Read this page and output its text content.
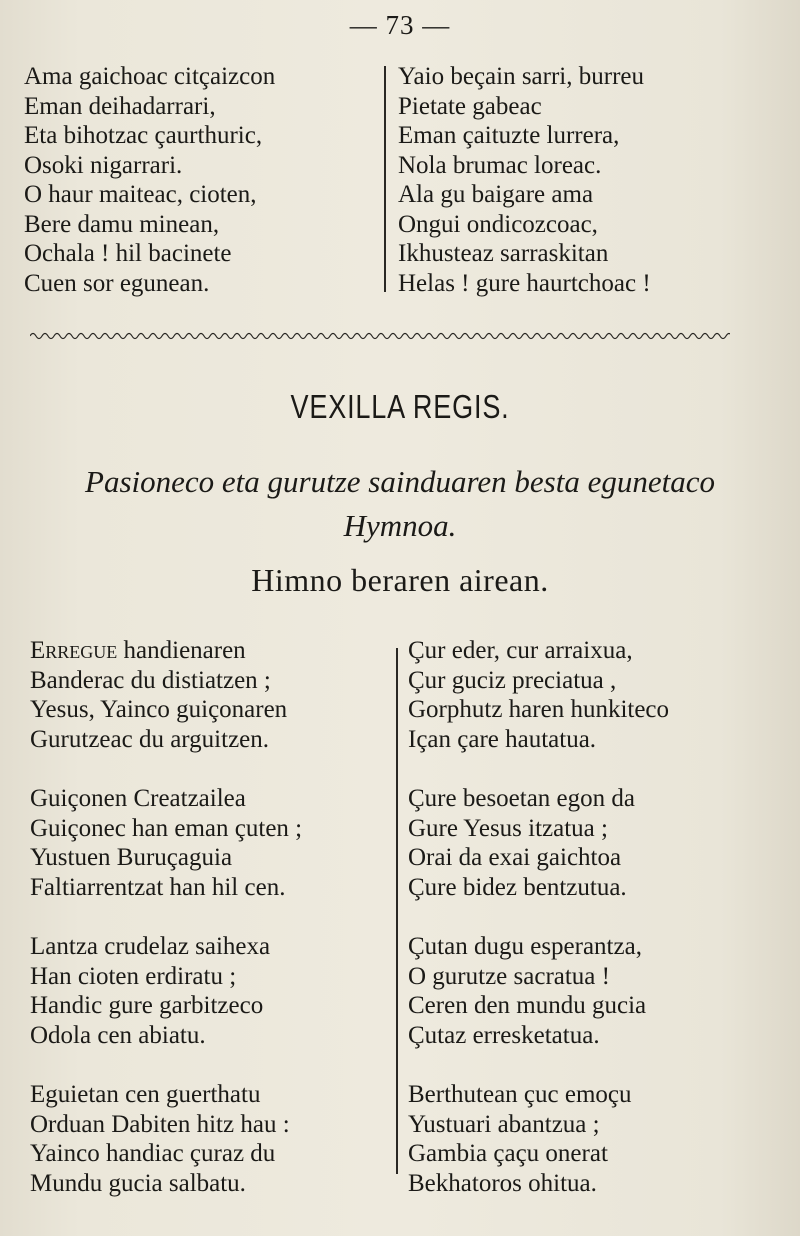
— 73 —
Ama gaichoac citçaizcon
Eman deihadarrari,
Eta bihotzac çaurthuric,
Osoki nigarrari.
O haur maiteac, cioten,
Bere damu minean,
Ochala ! hil bacinete
Cuen sor egunean.
Yaio beçain sarri, burreu
Pietate gabeac
Eman çaituzte lurrera,
Nola brumac loreac.
Ala gu baigare ama
Ongui ondicozcoac,
Ikhusteaz sarraskitan
Helas ! gure haurtchoac !
VEXILLA REGIS.
Pasioneco eta gurutze sainduaren besta egunetaco
Hymnoa.
Himno beraren airean.
Erregue handienaren
Banderac du distiatzen ;
Yesus, Yainco guiçonaren
Gurutzeac du arguitzen.
Guiçonen Creatzailea
Guiçonec han eman çuten ;
Yustuen Buruçaguia
Faltiarrentzat han hil cen.
Lantza crudelaz saihexa
Han cioten erdiratu ;
Handic gure garbitzeco
Odola cen abiatu.
Eguietan cen guerthatu
Orduan Dabiten hitz hau :
Yainco handiac çuraz du
Mundu gucia salbatu.
Çur eder, cur arraixua,
Çur guciz preciatua ,
Gorphutz haren hunkiteco
Içan çare hautatua.
Çure besoetan egon da
Gure Yesus itzatua ;
Orai da exai gaichtoa
Çure bidez bentzutua.
Çutan dugu esperantza,
O gurutze sacratua !
Ceren den mundu gucia
Çutaz erresketatua.
Berthutean çuc emoçu
Yustuari abantzua ;
Gambia çaçu onerat
Bekhatoros ohitua.
